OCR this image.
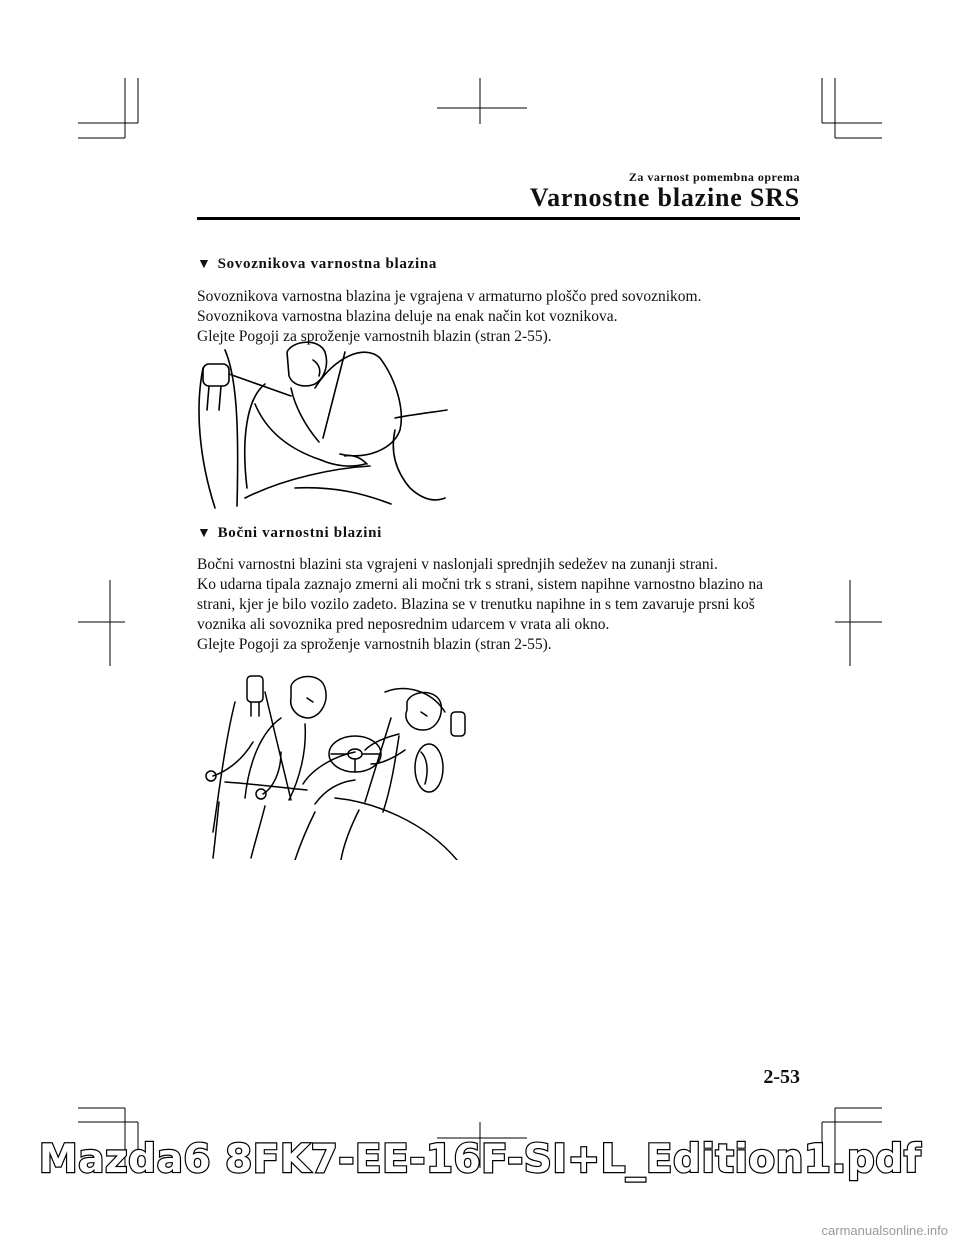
Za varnost pomembna oprema
Varnostne blazine SRS
▼ Sovoznikova varnostna blazina
Sovoznikova varnostna blazina je vgrajena v armaturno ploščo pred sovoznikom.
Sovoznikova varnostna blazina deluje na enak način kot voznikova.
Glejte Pogoji za sproženje varnostnih blazin (stran 2-55).
▼ Bočni varnostni blazini
Bočni varnostni blazini sta vgrajeni v naslonjali sprednjih sedežev na zunanji strani.
Ko udarna tipala zaznajo zmerni ali močni trk s strani, sistem napihne varnostno blazino na
strani, kjer je bilo vozilo zadeto. Blazina se v trenutku napihne in s tem zavaruje prsni koš
voznika ali sovoznika pred neposrednim udarcem v vrata ali okno.
Glejte Pogoji za sproženje varnostnih blazin (stran 2-55).
2-53
Mazda6 8FK7-EE-16F-SI+L_Edition1.pdf
carmanualsonline.info
